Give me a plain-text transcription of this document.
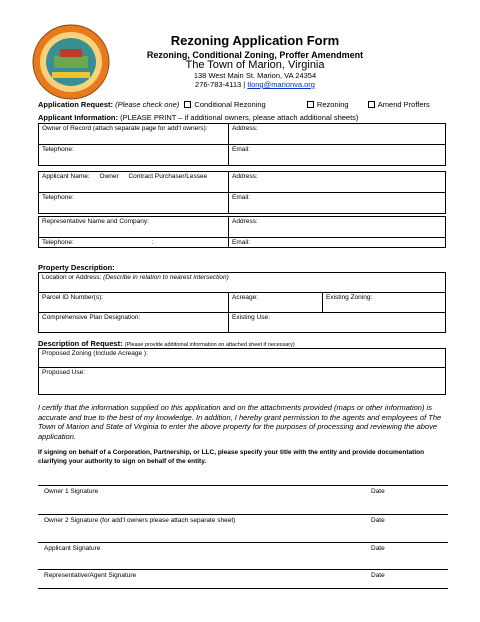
Rezoning Application Form
Rezoning, Conditional Zoning, Proffer Amendment
The Town of Marion, Virginia
138 West Main St. Marion, VA 24354
276-783-4113 | tlong@marionva.org
Application Request: (Please check one) Conditional Rezoning	Rezoning	Amend Proffers
Applicant Information: (PLEASE PRINT – if additional owners, please attach additional sheets)
Owner of Record (attach separate page for add'l owners):	Address:
Telephone:	Email:
Applicant Name: Owner Contract Purchaser/Lessee	Address:
Telephone:	Email:
Representative Name and Company:	Address:
Telephone: :	Email:
Property Description:
Location or Address: (Describe in relation to nearest intersection)		
Parcel ID Number(s):	Acreage:	Existing Zoning:
Comprehensive Plan Designation:	Existing Use:	
Description of Request: (Please provide additional information on attached sheet if necessary)
Proposed Zoning (Include Acreage ):
Proposed Use:
I certify that the information supplied on this application and on the attachments provided (maps or other information) is accurate and true to the best of my knowledge. In addition, I hereby grant permission to the agents and employees of The Town of Marion and State of Virginia to enter the above property for the purposes of processing and reviewing the above application.
If signing on behalf of a Corporation, Partnership, or LLC, please specify your title with the entity and provide documentation clarifying your authority to sign on behalf of the entity.
Owner 1 Signature	Date
Owner 2 Signature (for add'l owners please attach separate sheet)	Date
Applicant Signature	Date
Representative/Agent Signature	Date
